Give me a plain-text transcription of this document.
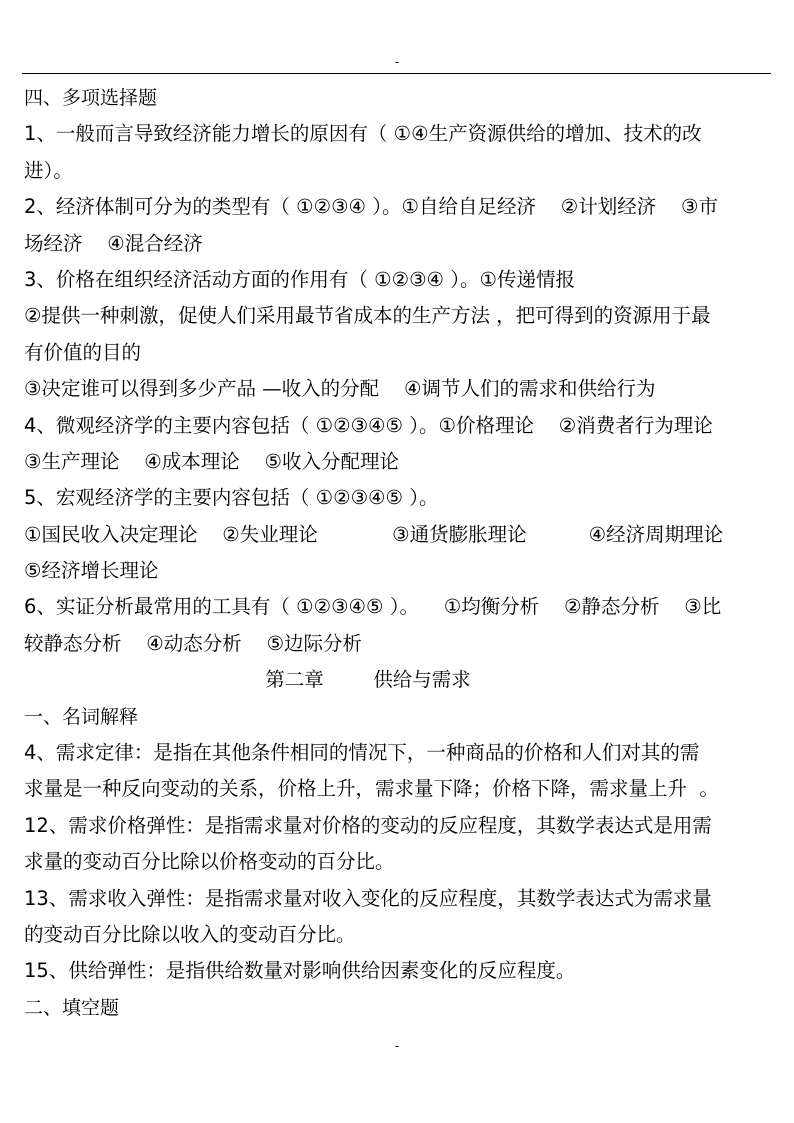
-
四、多项选择题
1、一般而言导致经济能力增长的原因有（ ①④生产资源供给的增加、技术的改
进）。
2、经济体制可分为的类型有（ ①②③④ ）。①自给自足经济    ②计划经济    ③市
场经济    ④混合经济
3、价格在组织经济活动方面的作用有（ ①②③④ ）。①传递情报
②提供一种刺激，促使人们采用最节省成本的生产方法 ，把可得到的资源用于最
有价值的目的
③决定谁可以得到多少产品 —收入的分配    ④调节人们的需求和供给行为
4、微观经济学的主要内容包括（ ①②③④⑤ ）。①价格理论    ②消费者行为理论
③生产理论    ④成本理论    ⑤收入分配理论
5、宏观经济学的主要内容包括（ ①②③④⑤ ）。
①国民收入决定理论    ②失业理论            ③通货膨胀理论          ④经济周期理论
⑤经济增长理论
6、实证分析最常用的工具有（ ①②③④⑤ ）。    ①均衡分析    ②静态分析    ③比
较静态分析    ④动态分析    ⑤边际分析
第二章        供给与需求
一、名词解释
4、需求定律：是指在其他条件相同的情况下，一种商品的价格和人们对其的需
求量是一种反向变动的关系，价格上升，需求量下降；价格下降，需求量上升  。
12、需求价格弹性：是指需求量对价格的变动的反应程度，其数学表达式是用需
求量的变动百分比除以价格变动的百分比。
13、需求收入弹性：是指需求量对收入变化的反应程度，其数学表达式为需求量
的变动百分比除以收入的变动百分比。
15、供给弹性：是指供给数量对影响供给因素变化的反应程度。
二、填空题
-
